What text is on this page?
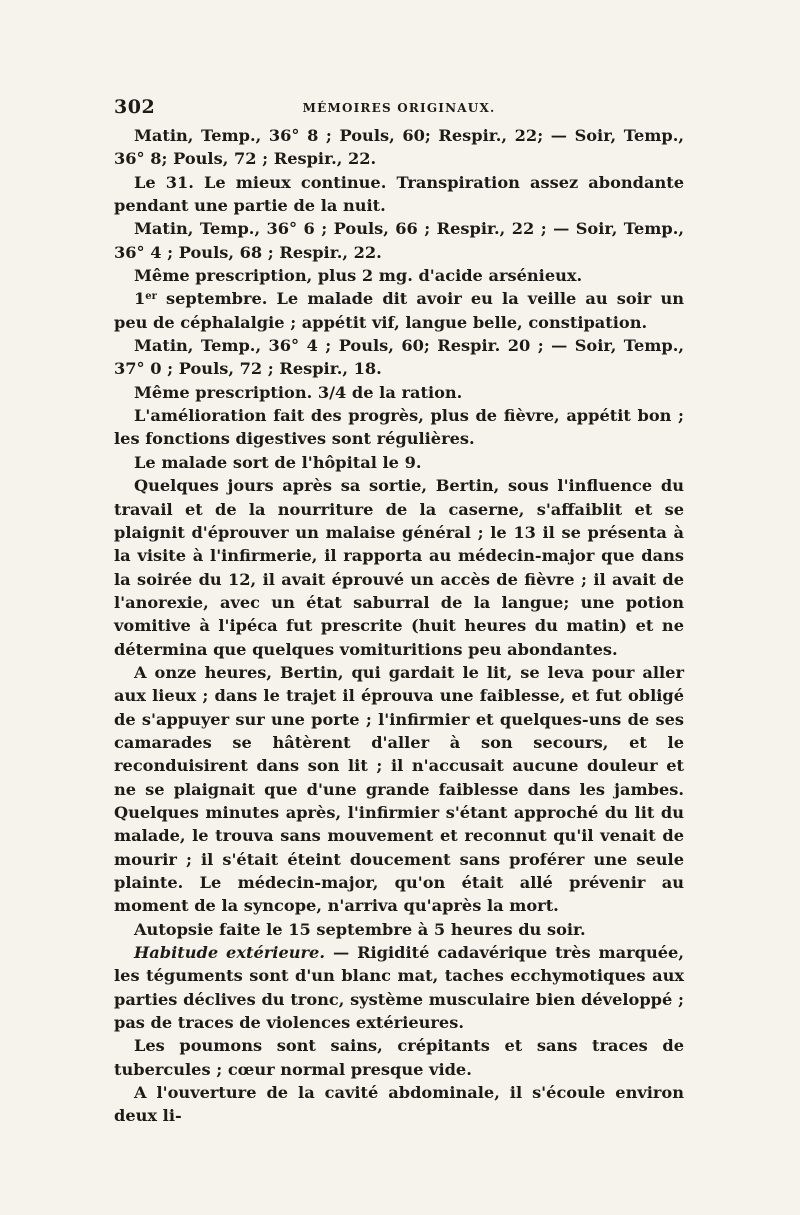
302	MÉMOIRES ORIGINAUX.

Matin, Temp., 36° 8 ; Pouls, 60; Respir., 22; — Soir, Temp., 36° 8; Pouls, 72 ; Respir., 22.

Le 31. Le mieux continue. Transpiration assez abondante pendant une partie de la nuit.

Matin, Temp., 36° 6 ; Pouls, 66 ; Respir., 22 ; — Soir, Temp., 36° 4 ; Pouls, 68 ; Respir., 22.

Même prescription, plus 2 mg. d'acide arsénieux.

1er septembre. Le malade dit avoir eu la veille au soir un peu de céphalalgie ; appétit vif, langue belle, constipation.

Matin, Temp., 36° 4 ; Pouls, 60; Respir. 20 ; — Soir, Temp., 37° 0 ; Pouls, 72 ; Respir., 18.

Même prescription. 3/4 de la ration.

L'amélioration fait des progrès, plus de fièvre, appétit bon ; les fonctions digestives sont régulières.

Le malade sort de l'hôpital le 9.

Quelques jours après sa sortie, Bertin, sous l'influence du travail et de la nourriture de la caserne, s'affaiblit et se plaignit d'éprouver un malaise général ; le 13 il se présenta à la visite à l'infirmerie, il rapporta au médecin-major que dans la soirée du 12, il avait éprouvé un accès de fièvre ; il avait de l'anorexie, avec un état saburral de la langue; une potion vomitive à l'ipéca fut prescrite (huit heures du matin) et ne détermina que quelques vomituritions peu abondantes.

A onze heures, Bertin, qui gardait le lit, se leva pour aller aux lieux ; dans le trajet il éprouva une faiblesse, et fut obligé de s'appuyer sur une porte ; l'infirmier et quelques-uns de ses camarades se hâtèrent d'aller à son secours, et le reconduisirent dans son lit ; il n'accusait aucune douleur et ne se plaignait que d'une grande faiblesse dans les jambes. Quelques minutes après, l'infirmier s'étant approché du lit du malade, le trouva sans mouvement et reconnut qu'il venait de mourir ; il s'était éteint doucement sans proférer une seule plainte. Le médecin-major, qu'on était allé prévenir au moment de la syncope, n'arriva qu'après la mort.

Autopsie faite le 15 septembre à 5 heures du soir.

Habitude extérieure. — Rigidité cadavérique très marquée, les téguments sont d'un blanc mat, taches ecchymotiques aux parties déclives du tronc, système musculaire bien développé ; pas de traces de violences extérieures.

Les poumons sont sains, crépitants et sans traces de tubercules ; cœur normal presque vide.

A l'ouverture de la cavité abdominale, il s'écoule environ deux li-
